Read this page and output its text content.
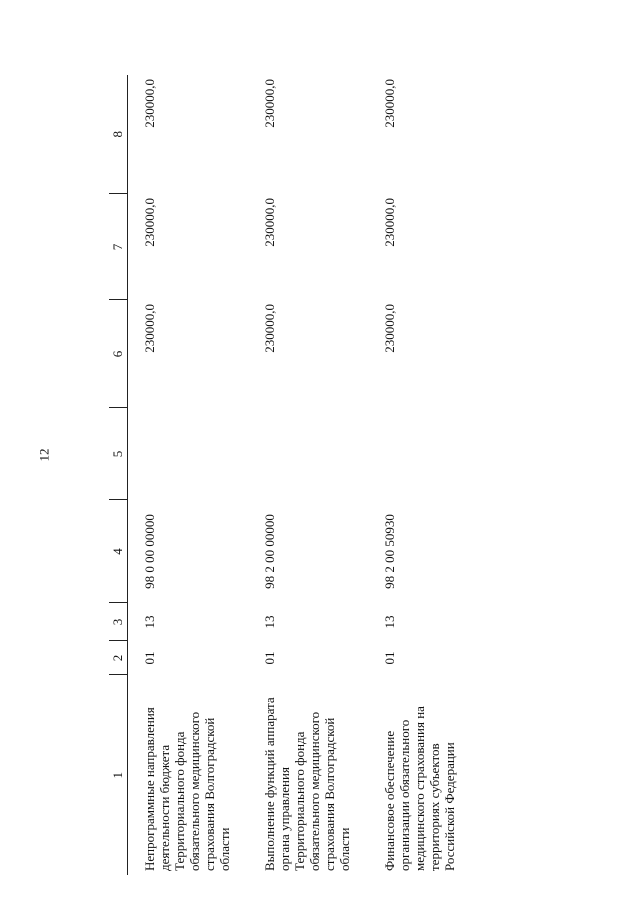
12
1	2	3	4	5	6	7	8

Непрограммные направления деятельности бюджета Территориального фонда обязательного медицинского страхования Волгоградской области	01	13	98 0 00 00000		230000,0	230000,0	230000,0
Выполнение функций аппарата органа управления Территориального фонда обязательного медицинского страхования Волгоградской области	01	13	98 2 00 00000		230000,0	230000,0	230000,0
Финансовое обеспечение организации обязательного медицинского страхования на территориях субъектов Российской Федерации	01	13	98 2 00 50930		230000,0	230000,0	230000,0
